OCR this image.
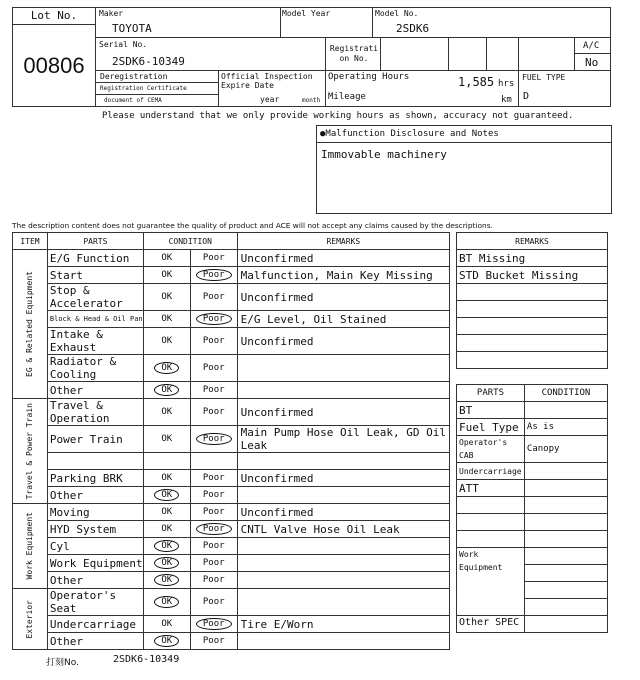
Lot No.
00806
Maker
TOYOTA
Model Year	Model No.
2SDK6
Serial No.
2SDK6-10349
Registrati on No.
A/C
No
Deregistration
Registration Certificate
document of CEMA
Official Inspection Expire Date
year	month
Operating Hours	1,585 hrs
Mileage	km
FUEL TYPE
D
Please understand that we only provide working hours as shown, accuracy not guaranteed.
●Malfunction Disclosure and Notes
Immovable machinery
The description content does not guarantee the quality of product and ACE will not accept any claims caused by the descriptions.
ITEM	PARTS	CONDITION		REMARKS

EG & Related Equipment	E/G Function	OK	Poor	Unconfirmed
	Start	OK	Poor	Malfunction, Main Key Missing
	Stop & Accelerator	OK	Poor	Unconfirmed
	Block & Head & Oil Pan	OK	Poor	E/G Level, Oil Stained
	Intake & Exhaust	OK	Poor	Unconfirmed
	Radiator & Cooling	OK	Poor	
	Other	OK	Poor	

Travel & Power Train	Travel & Operation	OK	Poor	Unconfirmed
	Power Train	OK	Poor	Main Pump Hose Oil Leak, GD Oil Leak

	Parking BRK	OK	Poor	Unconfirmed
	Other	OK	Poor	

Work Equipment	Moving	OK	Poor	Unconfirmed
	HYD System	OK	Poor	CNTL Valve Hose Oil Leak
	Cyl	OK	Poor	
	Work Equipment	OK	Poor	
	Other	OK	Poor	

Exterior	Operator's Seat	OK	Poor	
	Undercarriage	OK	Poor	Tire E/Worn
	Other	OK	Poor	
REMARKS
BT Missing
STD Bucket Missing

PARTS	CONDITION
BT	
Fuel Type	As is
Operator's CAB	Canopy
Undercarriage	
ATT	

Work Equipment	

Other SPEC	
打刻No.	2SDK6-10349
